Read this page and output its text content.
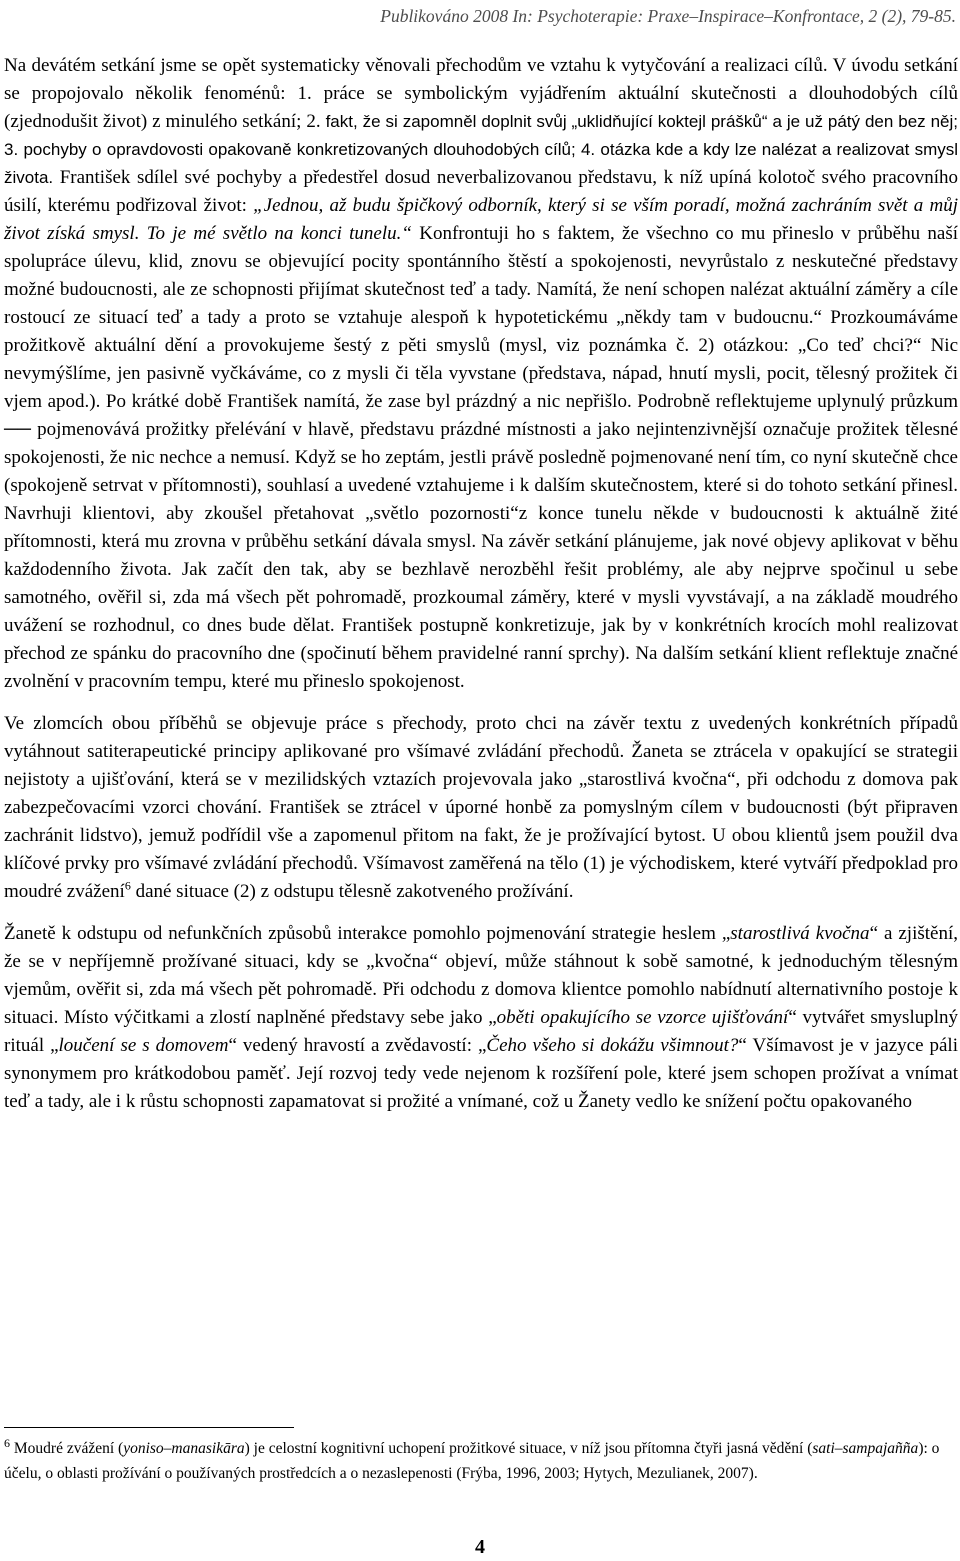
Publikováno 2008 In: Psychoterapie: Praxe–Inspirace–Konfrontace, 2 (2), 79-85.

Na devátém setkání jsme se opět systematicky věnovali přechodům ve vztahu k vytyčování a realizaci cílů. V úvodu setkání se propojovalo několik fenoménů: 1. práce se symbolickým vyjádřením aktuální skutečnosti a dlouhodobých cílů (zjednodušit život) z minulého setkání; 2. fakt, že si zapomněl doplnit svůj „uklidňující koktejl prášků“ a je už pátý den bez něj; 3. pochyby o opravdovosti opakovaně konkretizovaných dlouhodobých cílů; 4. otázka kde a kdy lze nalézat a realizovat smysl života. František sdílel své pochyby a předestřel dosud neverbalizovanou představu, k níž upíná kolotoč svého pracovního úsilí, kterému podřizoval život: „Jednou, až budu špičkový odborník, který si se vším poradí, možná zachráním svět a můj život získá smysl. To je mé světlo na konci tunelu.“ Konfrontuji ho s faktem, že všechno co mu přineslo v průběhu naší spolupráce úlevu, klid, znovu se objevující pocity spontánního štěstí a spokojenosti, nevyrůstalo z neskutečné představy možné budoucnosti, ale ze schopnosti přijímat skutečnost teď a tady. Namítá, že není schopen nalézat aktuální záměry a cíle rostoucí ze situací teď a tady a proto se vztahuje alespoň k hypotetickému „někdy tam v budoucnu.“ Prozkoumáváme prožitkově aktuální dění a provokujeme šestý z pěti smyslů (mysl, viz poznámka č. 2) otázkou: „Co teď chci?“ Nic nevymýšlíme, jen pasivně vyčkáváme, co z mysli či těla vyvstane (představa, nápad, hnutí mysli, pocit, tělesný prožitek či vjem apod.). Po krátké době František namítá, že zase byl prázdný a nic nepřišlo. Podrobně reflektujeme uplynulý průzkum ── pojmenovává prožitky přelévání v hlavě, představu prázdné místnosti a jako nejintenzivnější označuje prožitek tělesné spokojenosti, že nic nechce a nemusí. Když se ho zeptám, jestli právě posledně pojmenované není tím, co nyní skutečně chce (spokojeně setrvat v přítomnosti), souhlasí a uvedené vztahujeme i k dalším skutečnostem, které si do tohoto setkání přinesl. Navrhuji klientovi, aby zkoušel přetahovat „světlo pozornosti“z konce tunelu někde v budoucnosti k aktuálně žité přítomnosti, která mu zrovna v průběhu setkání dávala smysl. Na závěr setkání plánujeme, jak nové objevy aplikovat v běhu každodenního života. Jak začít den tak, aby se bezhlavě nerozběhl řešit problémy, ale aby nejprve spočinul u sebe samotného, ověřil si, zda má všech pět pohromadě, prozkoumal záměry, které v mysli vyvstávají, a na základě moudrého uvážení se rozhodnul, co dnes bude dělat. František postupně konkretizuje, jak by v konkrétních krocích mohl realizovat přechod ze spánku do pracovního dne (spočinutí během pravidelné ranní sprchy). Na dalším setkání klient reflektuje značné zvolnění v pracovním tempu, které mu přineslo spokojenost.

Ve zlomcích obou příběhů se objevuje práce s přechody, proto chci na závěr textu z uvedených konkrétních případů vytáhnout satiterapeutické principy aplikované pro všímavé zvládání přechodů. Žaneta se ztrácela v opakující se strategii nejistoty a ujišťování, která se v mezilidských vztazích projevovala jako „starostlivá kvočna“, při odchodu z domova pak zabezpečovacími vzorci chování. František se ztrácel v úporné honbě za pomyslným cílem v budoucnosti (být připraven zachránit lidstvo), jemuž podřídil vše a zapomenul přitom na fakt, že je prožívající bytost. U obou klientů jsem použil dva klíčové prvky pro všímavé zvládání přechodů. Všímavost zaměřená na tělo (1) je východiskem, které vytváří předpoklad pro moudré zvážení$^6$ dané situace (2) z odstupu tělesně zakotveného prožívání.

Žanetě k odstupu od nefunkčních způsobů interakce pomohlo pojmenování strategie heslem „starostlivá kvočna“ a zjištění, že se v nepříjemně prožívané situaci, kdy se „kvočna“ objeví, může stáhnout k sobě samotné, k jednoduchým tělesným vjemům, ověřit si, zda má všech pět pohromadě. Při odchodu z domova klientce pomohlo nabídnutí alternativního postoje k situaci. Místo výčitkami a zlostí naplněné představy sebe jako „oběti opakujícího se vzorce ujišťování“ vytvářet smysluplný rituál „loučení se s domovem“ vedený hravostí a zvědavostí: „Čeho všeho si dokážu všimnout?“ Všímavost je v jazyce páli synonymem pro krátkodobou paměť. Její rozvoj tedy vede nejenom k rozšíření pole, které jsem schopen prožívat a vnímat teď a tady, ale i k růstu schopnosti zapamatovat si prožité a vnímané, což u Žanety vedlo ke snížení počtu opakovaného

$^6$ Moudré zvážení (yoniso–manasikāra) je celostní kognitivní uchopení prožitkové situace, v níž jsou přítomna čtyři jasná vědění (sati–sampajañña): o účelu, o oblasti prožívání o používaných prostředcích a o nezaslepenosti (Frýba, 1996, 2003; Hytych, Mezulianek, 2007).

4
